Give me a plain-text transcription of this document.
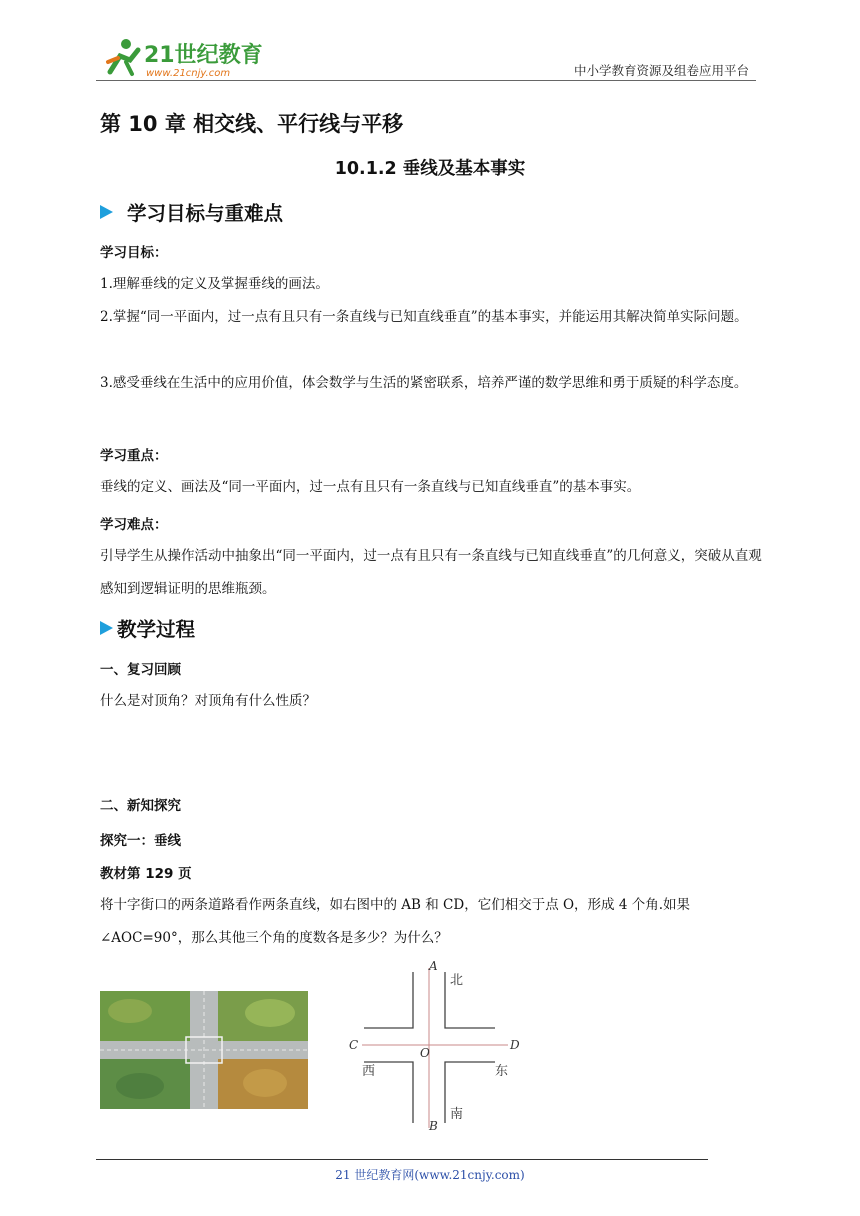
21世纪教育
www.21cnjy.com	中小学教育资源及组卷应用平台
第 10 章 相交线、平行线与平移
10.1.2 垂线及基本事实
学习目标与重难点
学习目标：
1.理解垂线的定义及掌握垂线的画法。
2.掌握“同一平面内，过一点有且只有一条直线与已知直线垂直”的基本事实，并能运用其解决简单实际问题。
3.感受垂线在生活中的应用价值，体会数学与生活的紧密联系，培养严谨的数学思维和勇于质疑的科学态度。
学习重点：
垂线的定义、画法及“同一平面内，过一点有且只有一条直线与已知直线垂直”的基本事实。
学习难点：
引导学生从操作活动中抽象出“同一平面内，过一点有且只有一条直线与已知直线垂直”的几何意义，突破从直观感知到逻辑证明的思维瓶颈。
教学过程
一、复习回顾
什么是对顶角？对顶角有什么性质？
二、新知探究
探究一：垂线
教材第 129 页
将十字街口的两条道路看作两条直线，如右图中的 AB 和 CD，它们相交于点 O，形成 4 个角.如果∠AOC=90°，那么其他三个角的度数各是多少？为什么？
A
B
C	D
O
北
南
西	东
21 世纪教育网(www.21cnjy.com)
